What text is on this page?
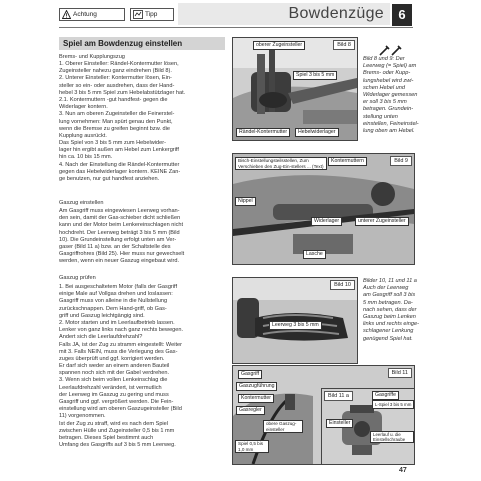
Achtung	Tipp	Bowdenzüge	6
Spiel am Bowdenzug einstellen
Brems- und Kupplungszug
1. Oberer Einsteller: Rändel-Kontermutter lösen,
Zugeinsteller nahezu ganz eindrehen (Bild 8).
2. Unterer Einsteller: Kontermutter lösen, Ein-
steller so ein- oder ausdrehen, dass der Hand-
hebel 3 bis 5 mm Spiel zum Hebelabstützlager hat.
2.1. Kontermuttern -gut handfest- gegen die
Widerlager kontern.
3. Nun am oberen Zugeinsteller die Feinerstel-
lung vornehmen: Man spürt genau den Punkt,
wenn die Bremse zu greifen beginnt bzw. die
Kupplung ausrückt.
Das Spiel von 3 bis 5 mm zum Hebelwider-
lager hin ergibt außen am Hebel zum Lenkergriff
hin ca. 10 bis 15 mm.
4. Nach der Einstellung die Rändel-Kontermutter
gegen das Hebelwiderlager kontern. KEINE Zan-
ge benutzen, nur gut handfest anziehen.
Gaszug einstellen
Am Gasgriff muss eingewiesen Leerweg vorhan-
den sein, damit der Gas-schieber dicht schließen
kann und der Motor beim Lenkereinschlagen nicht
hochdreht. Der Leerweg beträgt 3 bis 5 mm (Bild
10). Die Grundeinstellung erfolgt unten am Ver-
gaser (Bild 11 a) bzw. an der Schaltstelle des
Gasgriffrohres (Bild 25). Hier muss nur gewechselt
werden, wenn ein neuer Gaszug eingebaut wird.
Gaszug prüfen
1. Bei ausgeschaltetem Motor (falls der Gasgriff
einige Male auf Vollgas drehen und loslassen:
Gasgriff muss von alleine in die Nullstellung
zurückschnappen. Dem Hand-griff, ob Gas-
griff und Gaszug leichtgängig sind.
2. Motor starten und im Leerlaufbetrieb lassen.
Lenker von ganz links nach ganz rechts bewegen.
Ändert sich die Leerlaufdrehzahl?
Falls JA, ist der Zug zu stramm eingestellt: Weiter
mit 3. Falls NEIN, muss die Verlegung des Gas-
zuges überprüft und ggf. korrigiert werden.
Er darf sich weder an einem anderen Bauteil
spannen noch sich mit der Gabel verdrehen.
3. Wenn sich beim vollen Lenkeinschlag die
Leerlaufdrehzahl verändert, ist vermutlich
der Leerweg im Gaszug zu gering und muss
Gasgriff und ggf. vergrößert werden. Die Fein-
einstellung wird am oberen Gaszugeinsteller (Bild
11) vorgenommen.
Ist der Zug zu straff, wird es nach dem Spiel
zwischen Hülle und Zugeinsteller 0,5 bis 1 mm
betragen. Dieses Spiel bestimmt auch
Umfang des Gasgriffs auf 3 bis 5 mm Leerweg.
Bild 8
oberer Zugeinsteller
Spiel 3 bis 5 mm
Rändel-Kontermutter	Hebelwiderlager
Bild 8 und 9: Der
Leerweg (= Spiel) am
Brems- oder Kupp-
lungshebel wird zwi-
schen Hebel und
Widerlager gemessen
er soll 3 bis 5 mm
betragen. Grundein-
stellung unten
einstellen, Feineinstel-
lung oben am Hebel.
Bild 9
Bisch-Einstellungsteilsstellen, Zum Verschieben den Zug-Ein-stellers ... (Text)
Kontermuttern
Nippel
Widerlager	unterer Zugeinsteller
Lasche
Bild 10
Leerweg 3 bis 5 mm
Bilder 10, 11 und 11 a
Auch der Leerweg
am Gasgriff soll 3 bis
5 mm betragen. Da-
nach sehen, dass der
Gaszug beim Lenken
links und rechts einge-
schlagener Lenkung
genügend Spiel hat.
Bild 11
Gasgriff
Gaszugführung
Kontermutter
Gasregler
obere Gaszug-einsteller
Spiel 0,5 bis 1,0 mm
Bild 11 a	Gasgriffe
L-Spiel 3 bis 5 mm
Einsteller
Leerlauf u. die Einstellschraube
47
